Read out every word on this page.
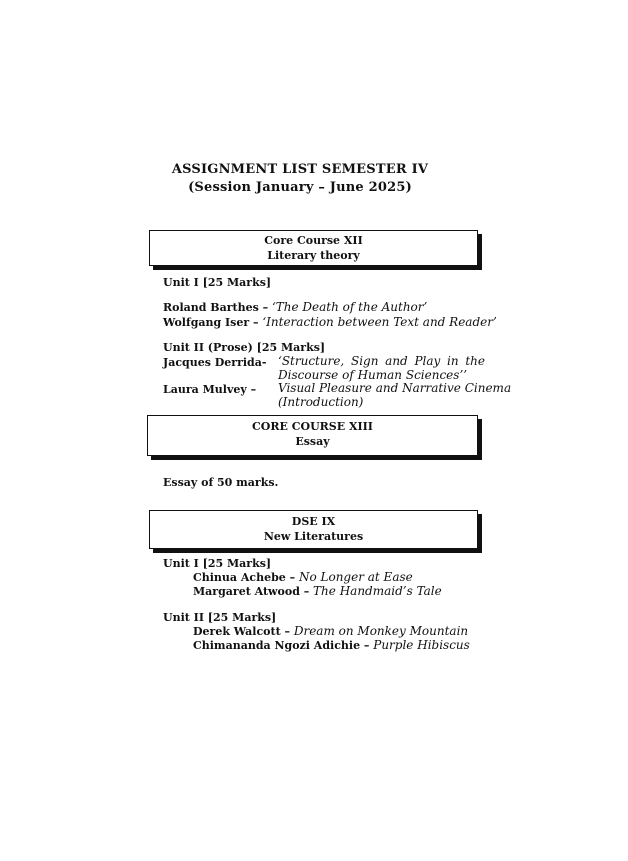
ASSIGNMENT LIST SEMESTER IV
(Session January – June 2025)
Core Course XII
Literary theory
Unit I [25 Marks]
Roland Barthes – ‘The Death of the Author’
Wolfgang Iser – ‘Interaction between Text and Reader’
Unit II (Prose) [25 Marks]
Jacques Derrida- ‘Structure, Sign and Play in the
Discourse of Human Sciences’’
Laura Mulvey – Visual Pleasure and Narrative Cinema
(Introduction)
CORE COURSE XIII
Essay
Essay of 50 marks.
DSE IX
New Literatures
Unit I [25 Marks]
Chinua Achebe – No Longer at Ease
Margaret Atwood – The Handmaid’s Tale
Unit II [25 Marks]
Derek Walcott – Dream on Monkey Mountain
Chimananda Ngozi Adichie – Purple Hibiscus
